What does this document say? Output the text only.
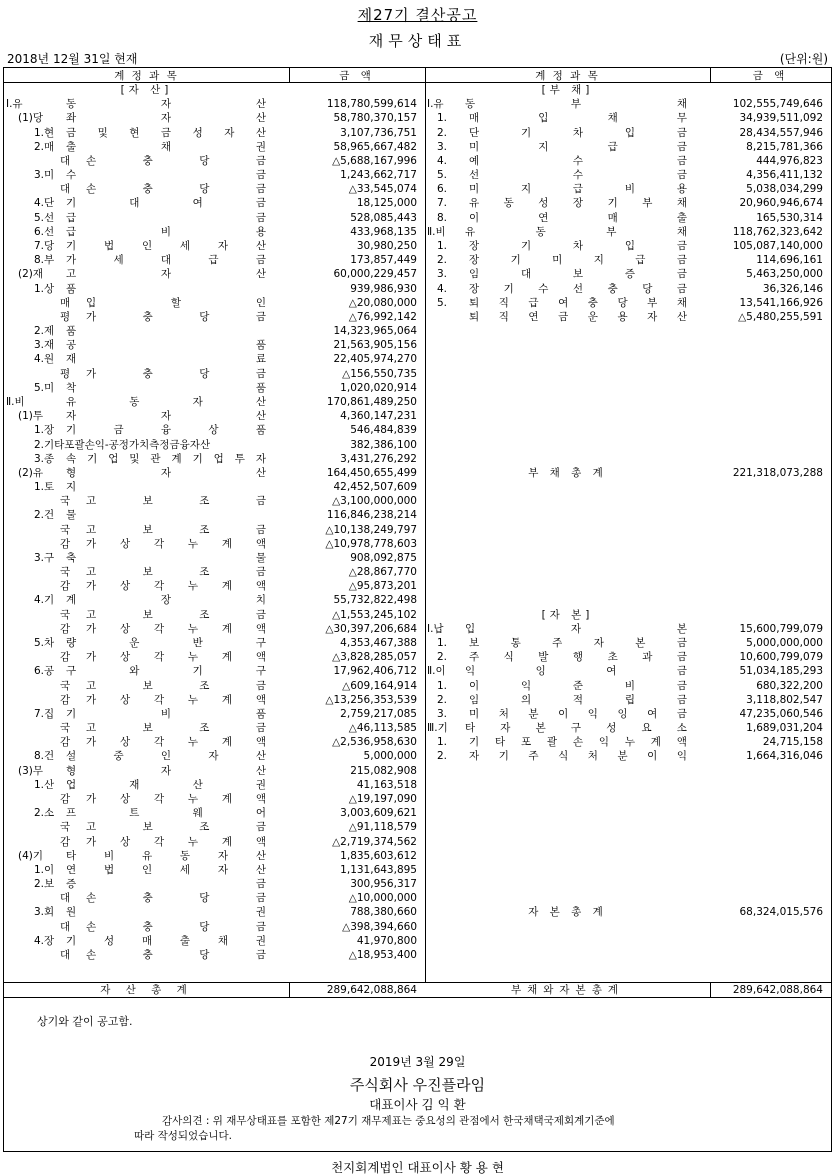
제27기 결산공고
재무상태표
2018년 12월 31일 현재	(단위:원)
계 정 과 목	금 액
[자 산]
Ⅰ.유	동	자	산	118,780,599,614
(1)당 좌	자	산	58,780,370,157
1.현 금 및 현 금 성 자 산	3,107,736,751
2.매 출	채	권	58,965,667,482
대 손	충	당	금	△5,688,167,996
3.미 수	금	1,243,662,717
대 손	충	당	금	△33,545,074
4.단 기	대	여	금	18,125,000
5.선 급	금	528,085,443
6.선 급	비	용	433,968,135
7.당 기	법	인	세	자	산	30,980,250
8.부 가	세	대	급	금	173,857,449
(2)재 고	자	산	60,000,229,457
1.상 품	939,986,930
매 입	할	인	△20,080,000
평 가	충	당	금	△76,992,142
2.제 품	14,323,965,064
3.재 공	품	21,563,905,156
4.원 재	료	22,405,974,270
평 가	충	당	금	△156,550,735
5.미 착	품	1,020,020,914
Ⅱ.비	유	동	자	산	170,861,489,250
(1)투 자	자	산	4,360,147,231
1.장 기	금	융	상	품	546,484,839
2.기타포괄손익-공정가치측정금융자산	382,386,100
3.종 속 기 업 및 관 계 기 업 투 자	3,431,276,292
(2)유 형	자	산	164,450,655,499
1.토 지	42,452,507,609
국 고	보	조	금	△3,100,000,000
2.건 물	116,846,238,214
국 고	보	조	금	△10,138,249,797
감 가 상 각 누 계 액	△10,978,778,603
3.구 축	물	908,092,875
국 고	보	조	금	△28,867,770
감 가 상 각 누 계 액	△95,873,201
4.기 계	장	치	55,732,822,498
국 고	보	조	금	△1,553,245,102
감 가 상 각 누 계 액	△30,397,206,684
5.차 량	운	반	구	4,353,467,388
감 가 상 각 누 계 액	△3,828,285,057
6.공 구	와	기	구	17,962,406,712
국 고	보	조	금	△609,164,914
감 가 상 각 누 계 액	△13,256,353,539
7.집 기	비	품	2,759,217,085
국 고	보	조	금	△46,113,585
감 가 상 각 누 계 액	△2,536,958,630
8.건 설	중	인	자	산	5,000,000
(3)무 형	자	산	215,082,908
1.산 업	재	산	권	41,163,518
감 가 상 각 누 계 액	△19,197,090
2.소 프	트	웨	어	3,003,609,621
국 고	보	조	금	△91,118,579
감 가 상 각 누 계 액	△2,719,374,562
(4)기 타	비	유	동	자	산	1,835,603,612
1.이 연	법	인	세	자	산	1,131,643,895
2.보 증	금	300,956,317
대 손	충	당	금	△10,000,000
3.회 원	권	788,380,660
대 손	충	당	금	△398,394,660
4.장 기	성	매	출	채	권	41,970,800
대 손	충	당	금	△18,953,400
계 정 과 목	금 액
[부 채]
Ⅰ.유 동	부	채	102,555,749,646
1. 매	입	채	무	34,939,511,092
2. 단	기	차	입	금	28,434,557,946
3. 미	지	급	금	8,215,781,366
4. 예	수	금	444,976,823
5. 선	수	금	4,356,411,132
6. 미	지	급	비	용	5,038,034,299
7. 유 동 성 장 기 부 채	20,960,946,674
8. 이	연	매	출	165,530,314
Ⅱ.비 유	동	부	채	118,762,323,642
1. 장	기	차	입	금	105,087,140,000
2. 장	기	미	지	급	금	114,696,161
3. 임	대	보	증	금	5,463,250,000
4. 장 기 수 선 충 당 금	36,326,146
5. 퇴 직 급 여 충 당 부 채	13,541,166,926
퇴 직 연 금 운 용 자 산	△5,480,255,591
부 채 총 계	221,318,073,288
[자 본]
Ⅰ.납 입	자	본	15,600,799,079
1. 보	통	주	자	본	금	5,000,000,000
2. 주 식 발 행 초 과 금	10,600,799,079
Ⅱ.이 익	잉	여	금	51,034,185,293
1. 이	익	준	비	금	680,322,200
2. 임	의	적	립	금	3,118,802,547
3. 미 처 분 이 익 잉 여 금	47,235,060,546
Ⅲ.기 타 자 본 구 성 요 소	1,689,031,204
1. 기 타 포 괄 손 익 누 계 액	24,715,158
2. 자 기 주 식 처 분 이 익	1,664,316,046
자 본 총 계	68,324,015,576
자 산 총 계	289,642,088,864	부채와자본총계	289,642,088,864
상기와 같이 공고함.
2019년 3월 29일
주식회사 우진플라임
대표이사 김 익 환
감사의견 : 위 재무상태표를 포함한 제27기 재무제표는 중요성의 관점에서 한국채택국제회계기준에
따라 작성되었습니다.
천지회계법인 대표이사 황 용 현
